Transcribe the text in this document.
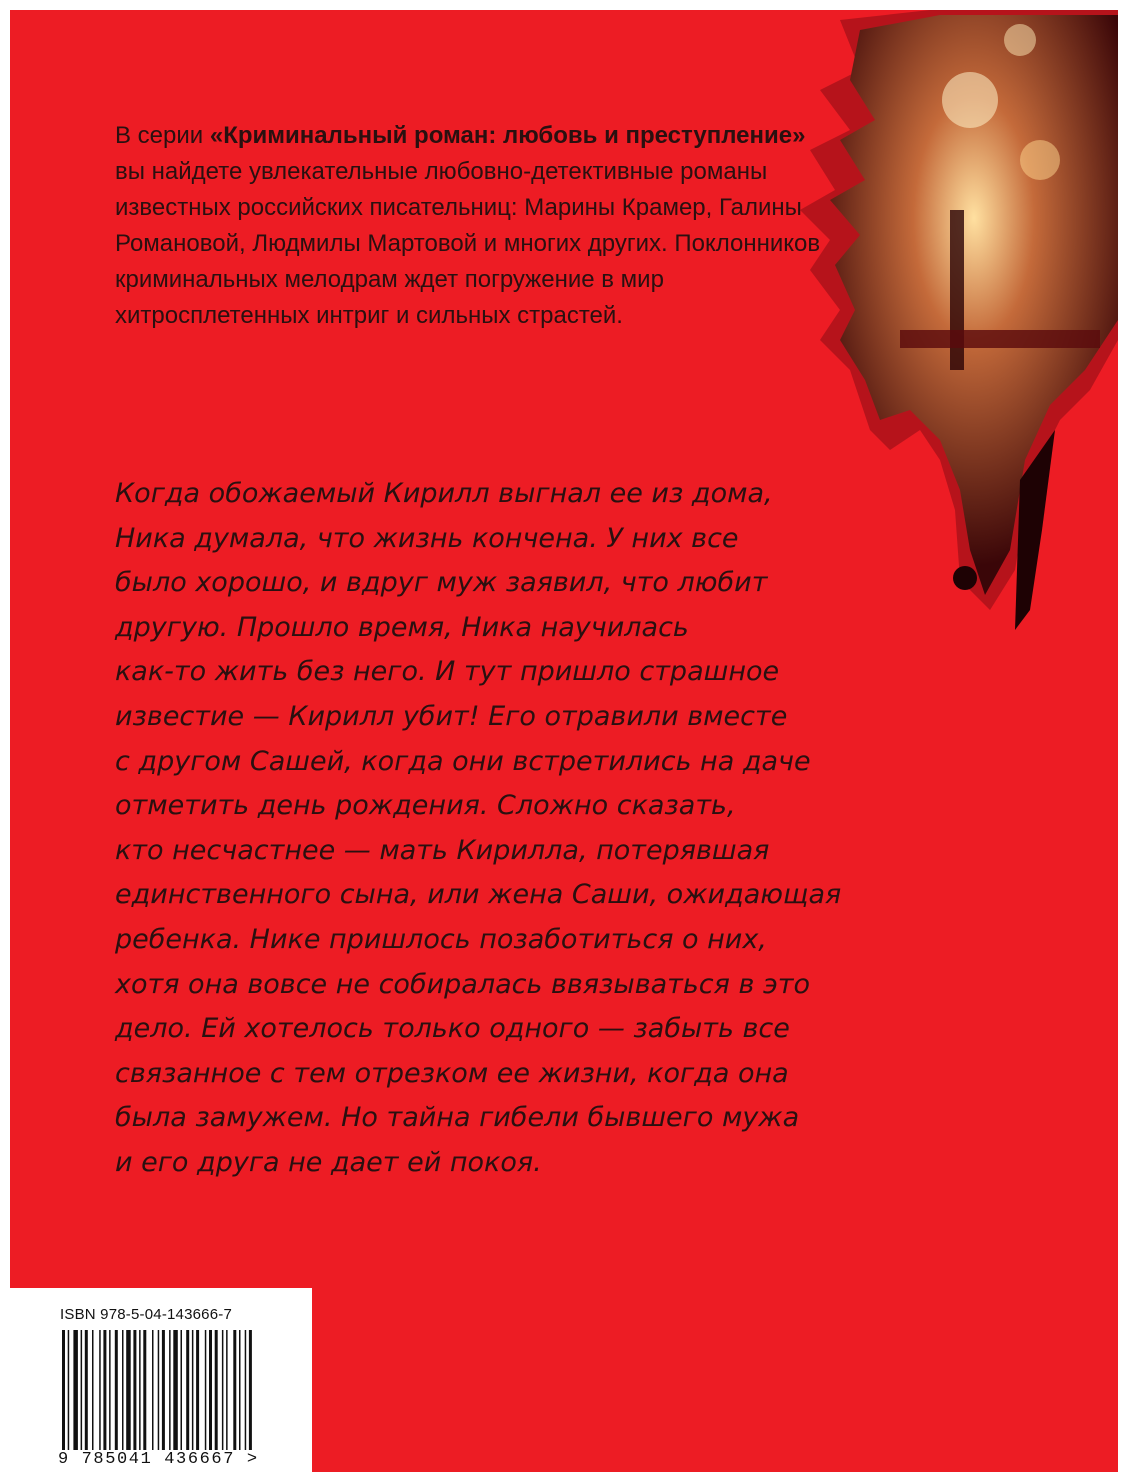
В серии «Криминальный роман: любовь и преступление» вы найдете увлекательные любовно-детективные романы известных российских писательниц: Марины Крамер, Галины Романовой, Людмилы Мартовой и многих других. Поклонников криминальных мелодрам ждет погружение в мир хитросплетенных интриг и сильных страстей.

Когда обожаемый Кирилл выгнал ее из дома,
Ника думала, что жизнь кончена. У них все
было хорошо, и вдруг муж заявил, что любит
другую. Прошло время, Ника научилась
как-то жить без него. И тут пришло страшное
известие — Кирилл убит! Его отравили вместе
с другом Сашей, когда они встретились на даче
отметить день рождения. Сложно сказать,
кто несчастнее — мать Кирилла, потерявшая
единственного сына, или жена Саши, ожидающая
ребенка. Нике пришлось позаботиться о них,
хотя она вовсе не собиралась ввязываться в это
дело. Ей хотелось только одного — забыть все
связанное с тем отрезком ее жизни, когда она
была замужем. Но тайна гибели бывшего мужа
и его друга не дает ей покоя.
ISBN 978-5-04-143666-7
9 785041 436667 >
